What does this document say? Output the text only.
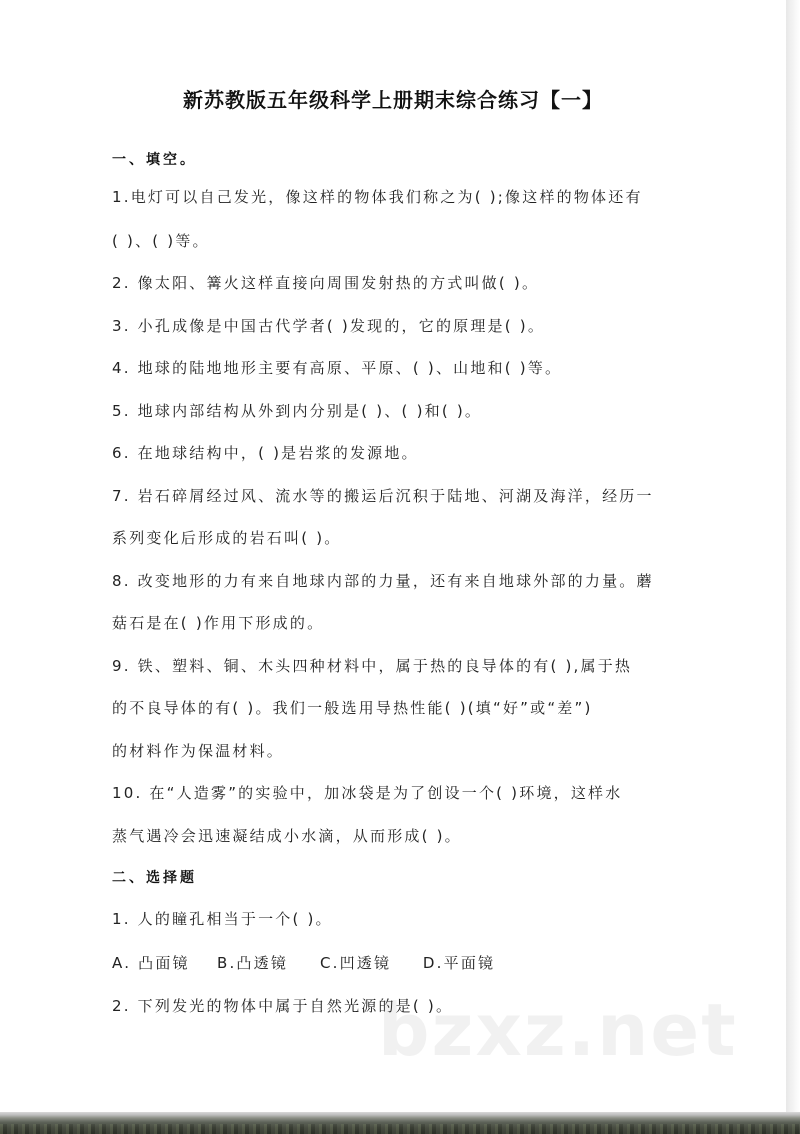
新苏教版五年级科学上册期末综合练习【一】
一、填空。
1.电灯可以自己发光，像这样的物体我们称之为( );像这样的物体还有
( )、( )等。
2. 像太阳、篝火这样直接向周围发射热的方式叫做( )。
3. 小孔成像是中国古代学者( )发现的，它的原理是( )。
4. 地球的陆地地形主要有高原、平原、( )、山地和( )等。
5. 地球内部结构从外到内分别是( )、( )和( )。
6. 在地球结构中，( )是岩浆的发源地。
7. 岩石碎屑经过风、流水等的搬运后沉积于陆地、河湖及海洋，经历一
系列变化后形成的岩石叫( )。
8. 改变地形的力有来自地球内部的力量，还有来自地球外部的力量。蘑
菇石是在( )作用下形成的。
9. 铁、塑料、铜、木头四种材料中，属于热的良导体的有( ),属于热
的不良导体的有( )。我们一般选用导热性能( )(填“好”或“差”)
的材料作为保温材料。
10. 在“人造雾”的实验中，加冰袋是为了创设一个( )环境，这样水
蒸气遇冷会迅速凝结成小水滴，从而形成( )。
二、选择题
1. 人的瞳孔相当于一个( )。
A. 凸面镜 B.凸透镜 C.凹透镜 D.平面镜
2. 下列发光的物体中属于自然光源的是( )。
bzxz.net
